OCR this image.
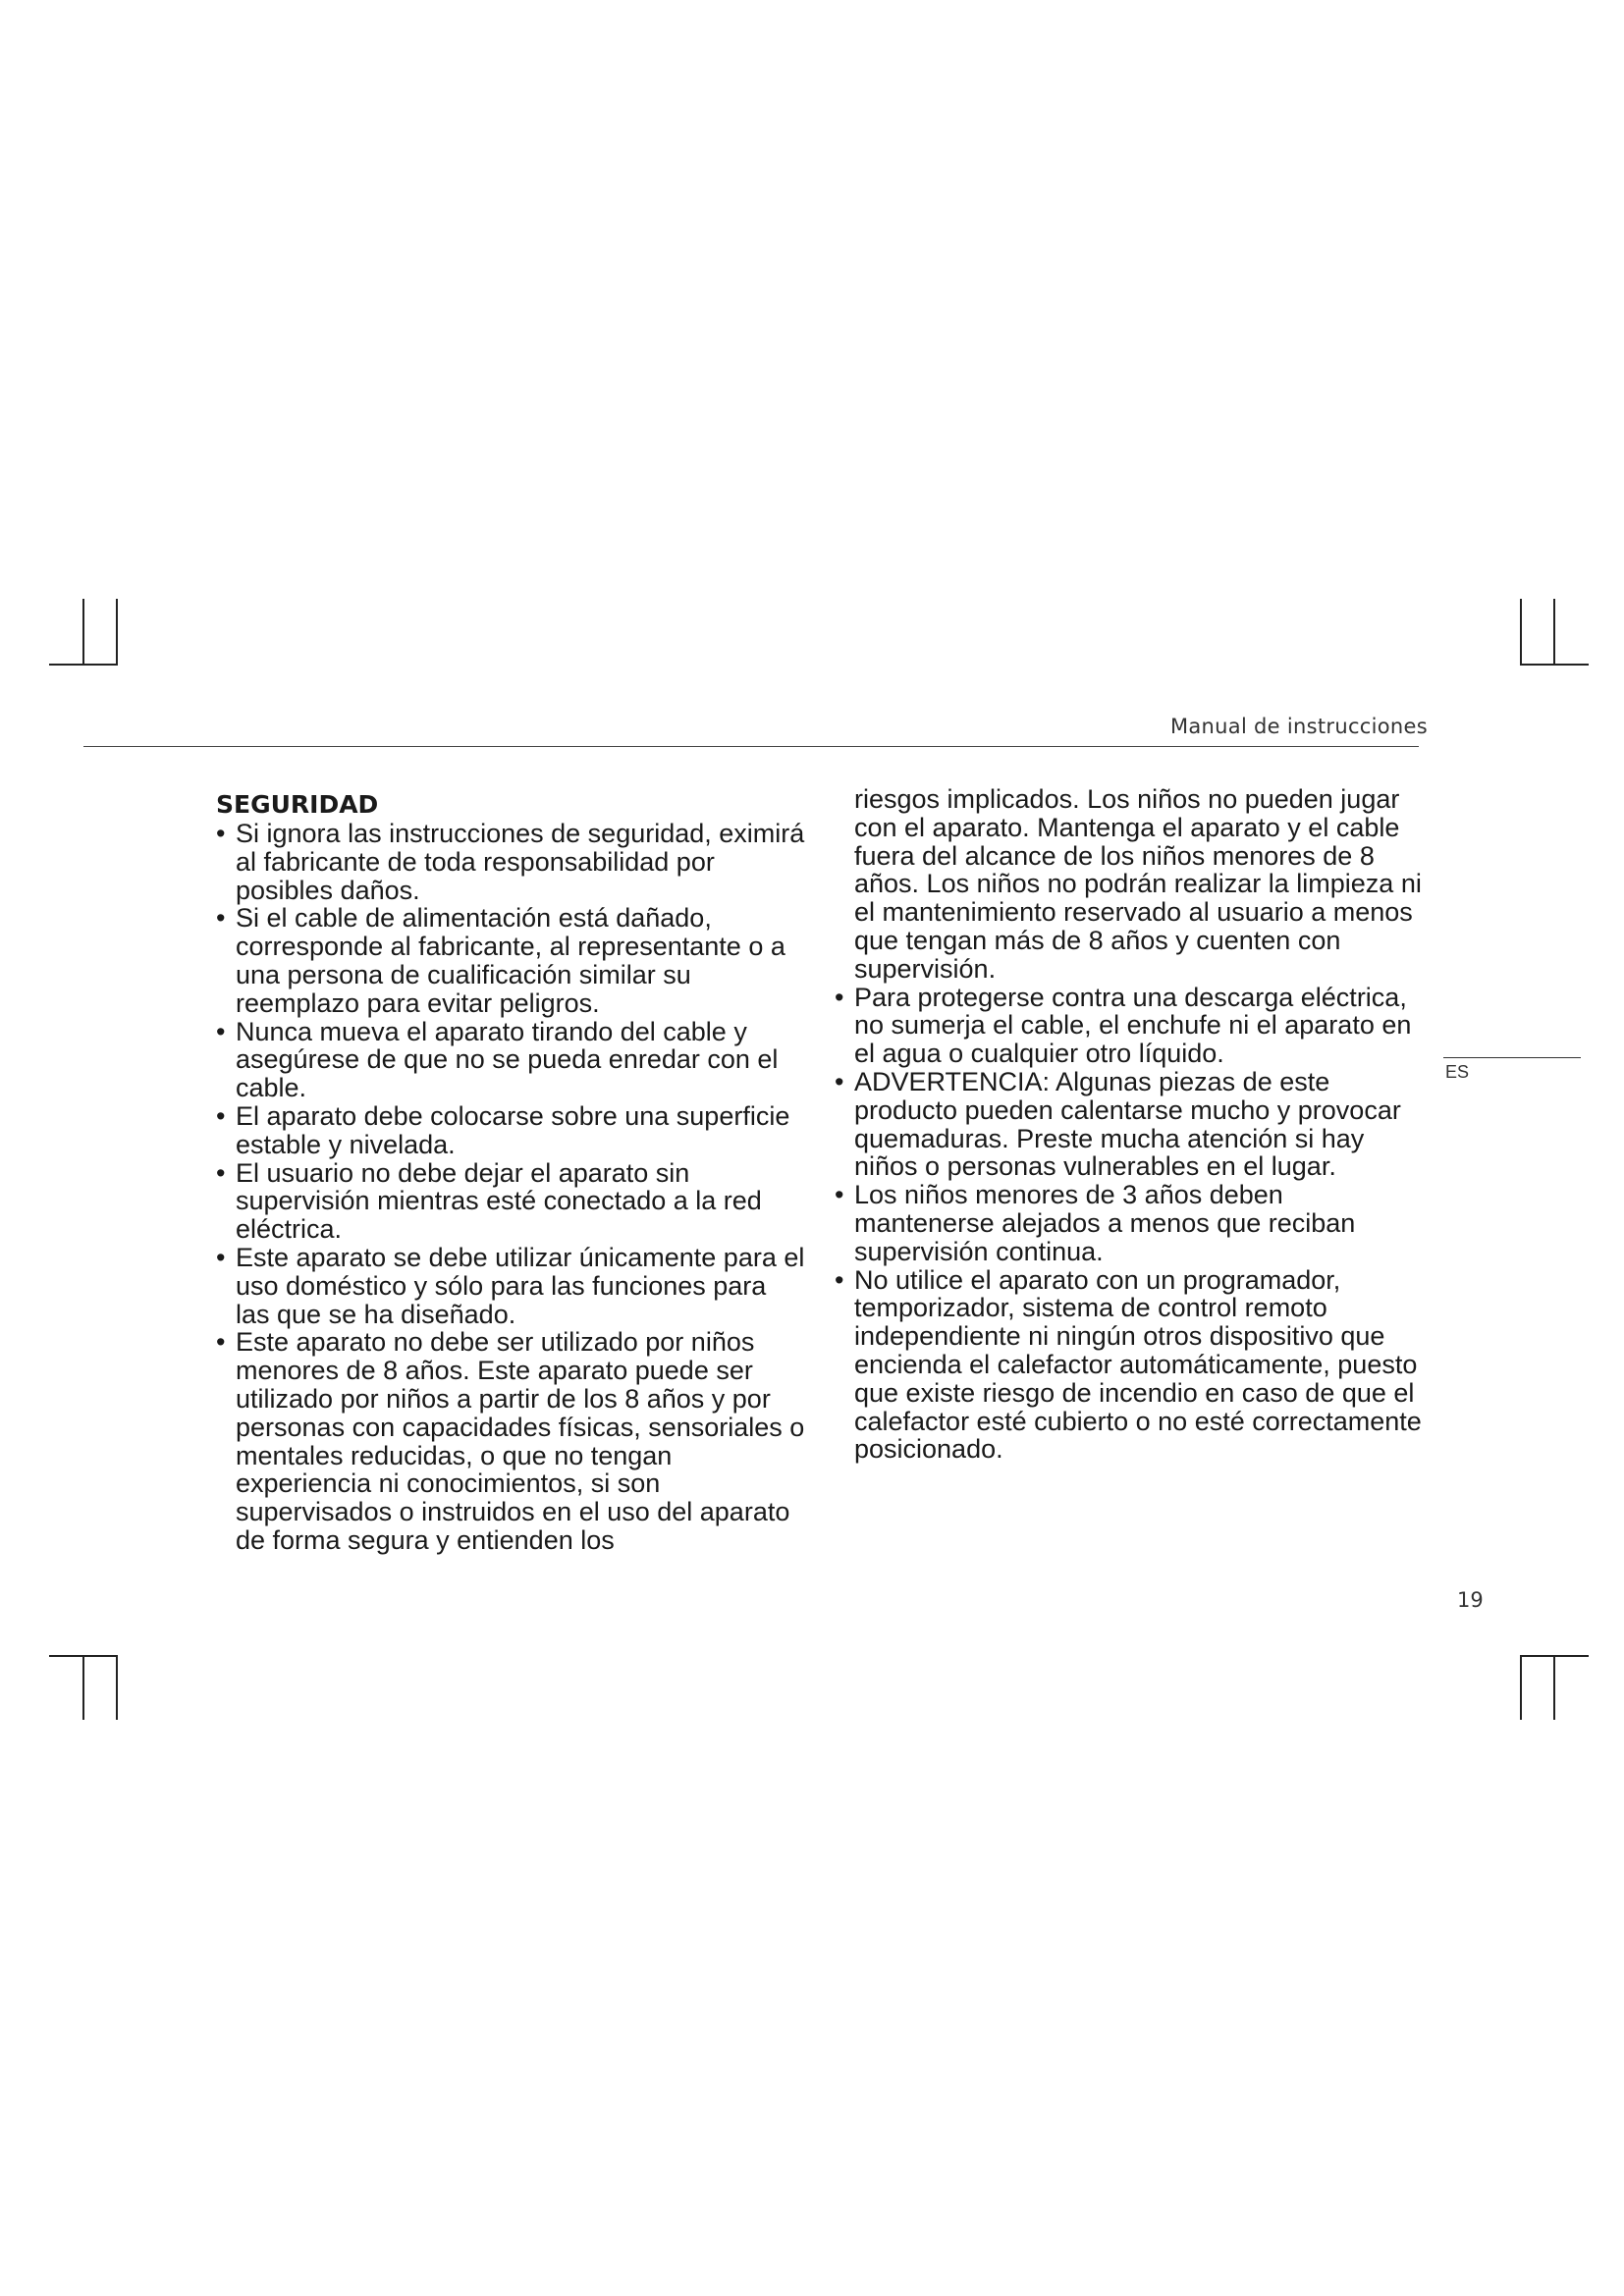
Manual de instrucciones
ES
SEGURIDAD
• Si ignora las instrucciones de seguridad, eximirá al fabricante de toda responsabilidad por posibles daños.
• Si el cable de alimentación está dañado, corresponde al fabricante, al representante o a una persona de cualificación similar su reemplazo para evitar peligros.
• Nunca mueva el aparato tirando del cable y asegúrese de que no se pueda enredar con el cable.
• El aparato debe colocarse sobre una superficie estable y nivelada.
• El usuario no debe dejar el aparato sin supervisión mientras esté conectado a la red eléctrica.
• Este aparato se debe utilizar únicamente para el uso doméstico y sólo para las funciones para las que se ha diseñado.
• Este aparato no debe ser utilizado por niños menores de 8 años. Este aparato puede ser utilizado por niños a partir de los 8 años y por personas con capacidades físicas, sensoriales o mentales reducidas, o que no tengan experiencia ni conocimientos, si son supervisados o instruidos en el uso del aparato de forma segura y entienden los

riesgos implicados. Los niños no pueden jugar con el aparato. Mantenga el aparato y el cable fuera del alcance de los niños menores de 8 años. Los niños no podrán realizar la limpieza ni el mantenimiento reservado al usuario a menos que tengan más de 8 años y cuenten con supervisión.

• Para protegerse contra una descarga eléctrica, no sumerja el cable, el enchufe ni el aparato en el agua o cualquier otro líquido.
• ADVERTENCIA: Algunas piezas de este producto pueden calentarse mucho y provocar quemaduras. Preste mucha atención si hay niños o personas vulnerables en el lugar.
• Los niños menores de 3 años deben mantenerse alejados a menos que reciban supervisión continua.
• No utilice el aparato con un programador, temporizador, sistema de control remoto independiente ni ningún otros dispositivo que encienda el calefactor automáticamente, puesto que existe riesgo de incendio en caso de que el calefactor esté cubierto o no esté correctamente posicionado.
19
